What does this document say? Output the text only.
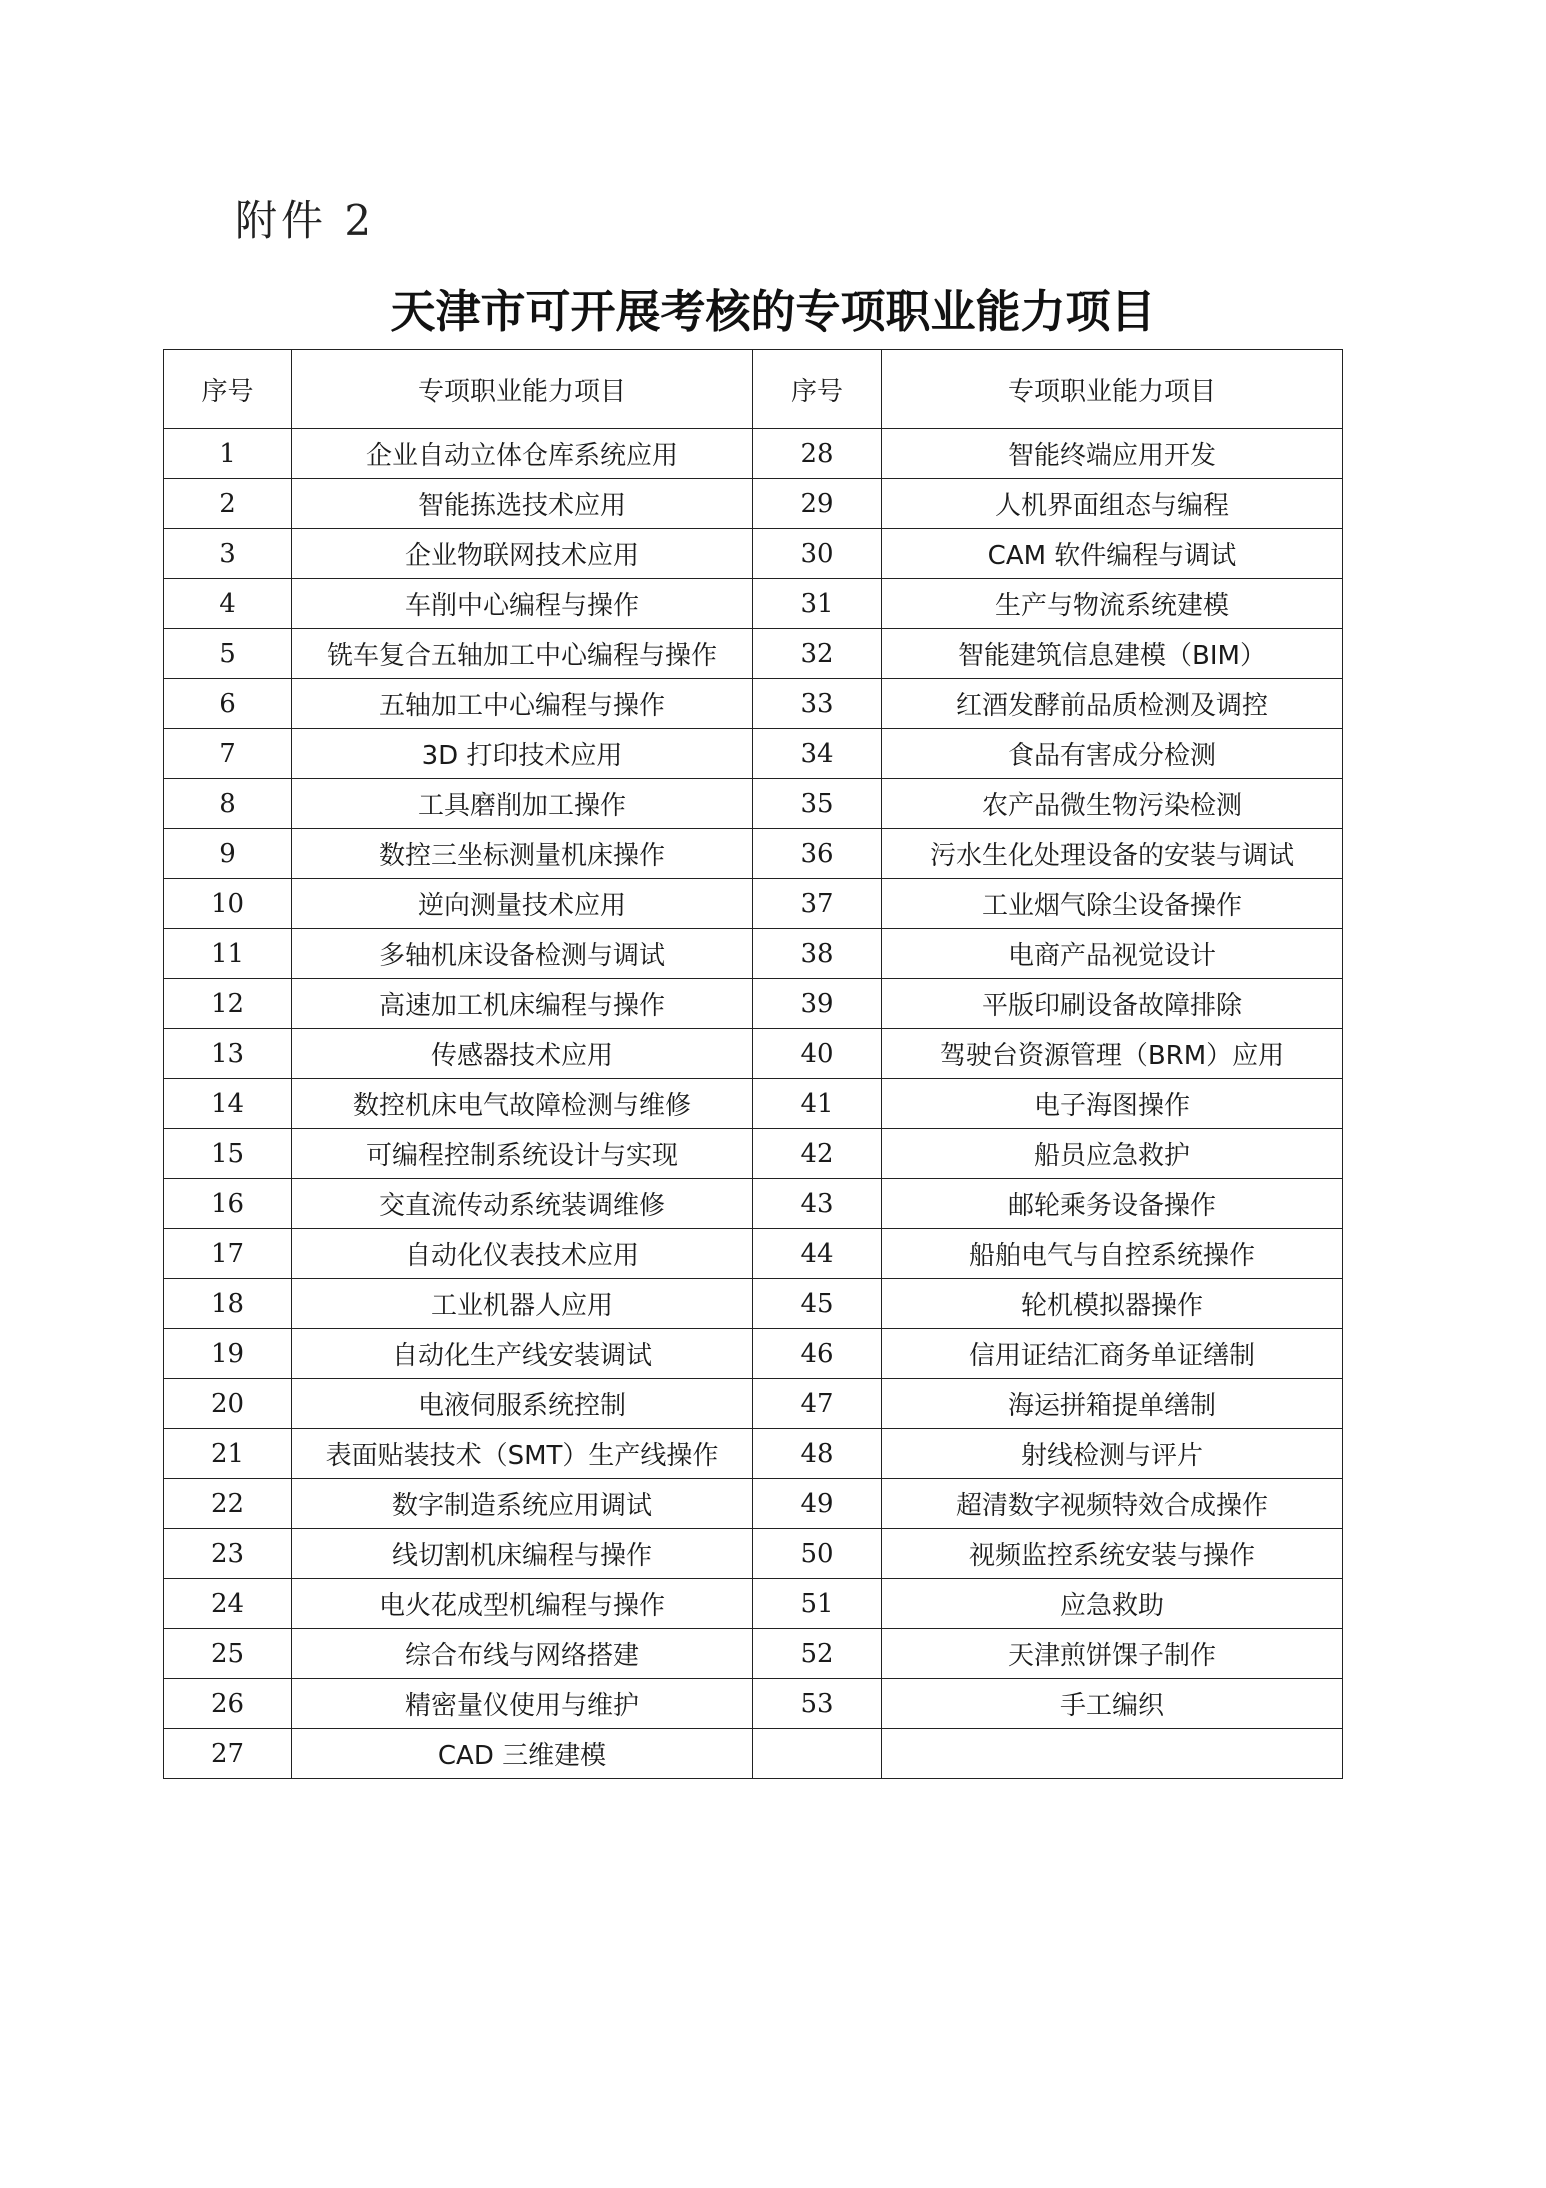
附件 2
天津市可开展考核的专项职业能力项目
序号	专项职业能力项目	序号	专项职业能力项目
1	企业自动立体仓库系统应用	28	智能终端应用开发
2	智能拣选技术应用	29	人机界面组态与编程
3	企业物联网技术应用	30	CAM 软件编程与调试
4	车削中心编程与操作	31	生产与物流系统建模
5	铣车复合五轴加工中心编程与操作	32	智能建筑信息建模（BIM）
6	五轴加工中心编程与操作	33	红酒发酵前品质检测及调控
7	3D 打印技术应用	34	食品有害成分检测
8	工具磨削加工操作	35	农产品微生物污染检测
9	数控三坐标测量机床操作	36	污水生化处理设备的安装与调试
10	逆向测量技术应用	37	工业烟气除尘设备操作
11	多轴机床设备检测与调试	38	电商产品视觉设计
12	高速加工机床编程与操作	39	平版印刷设备故障排除
13	传感器技术应用	40	驾驶台资源管理（BRM）应用
14	数控机床电气故障检测与维修	41	电子海图操作
15	可编程控制系统设计与实现	42	船员应急救护
16	交直流传动系统装调维修	43	邮轮乘务设备操作
17	自动化仪表技术应用	44	船舶电气与自控系统操作
18	工业机器人应用	45	轮机模拟器操作
19	自动化生产线安装调试	46	信用证结汇商务单证缮制
20	电液伺服系统控制	47	海运拼箱提单缮制
21	表面贴装技术（SMT）生产线操作	48	射线检测与评片
22	数字制造系统应用调试	49	超清数字视频特效合成操作
23	线切割机床编程与操作	50	视频监控系统安装与操作
24	电火花成型机编程与操作	51	应急救助
25	综合布线与网络搭建	52	天津煎饼馃子制作
26	精密量仪使用与维护	53	手工编织
27	CAD 三维建模		
